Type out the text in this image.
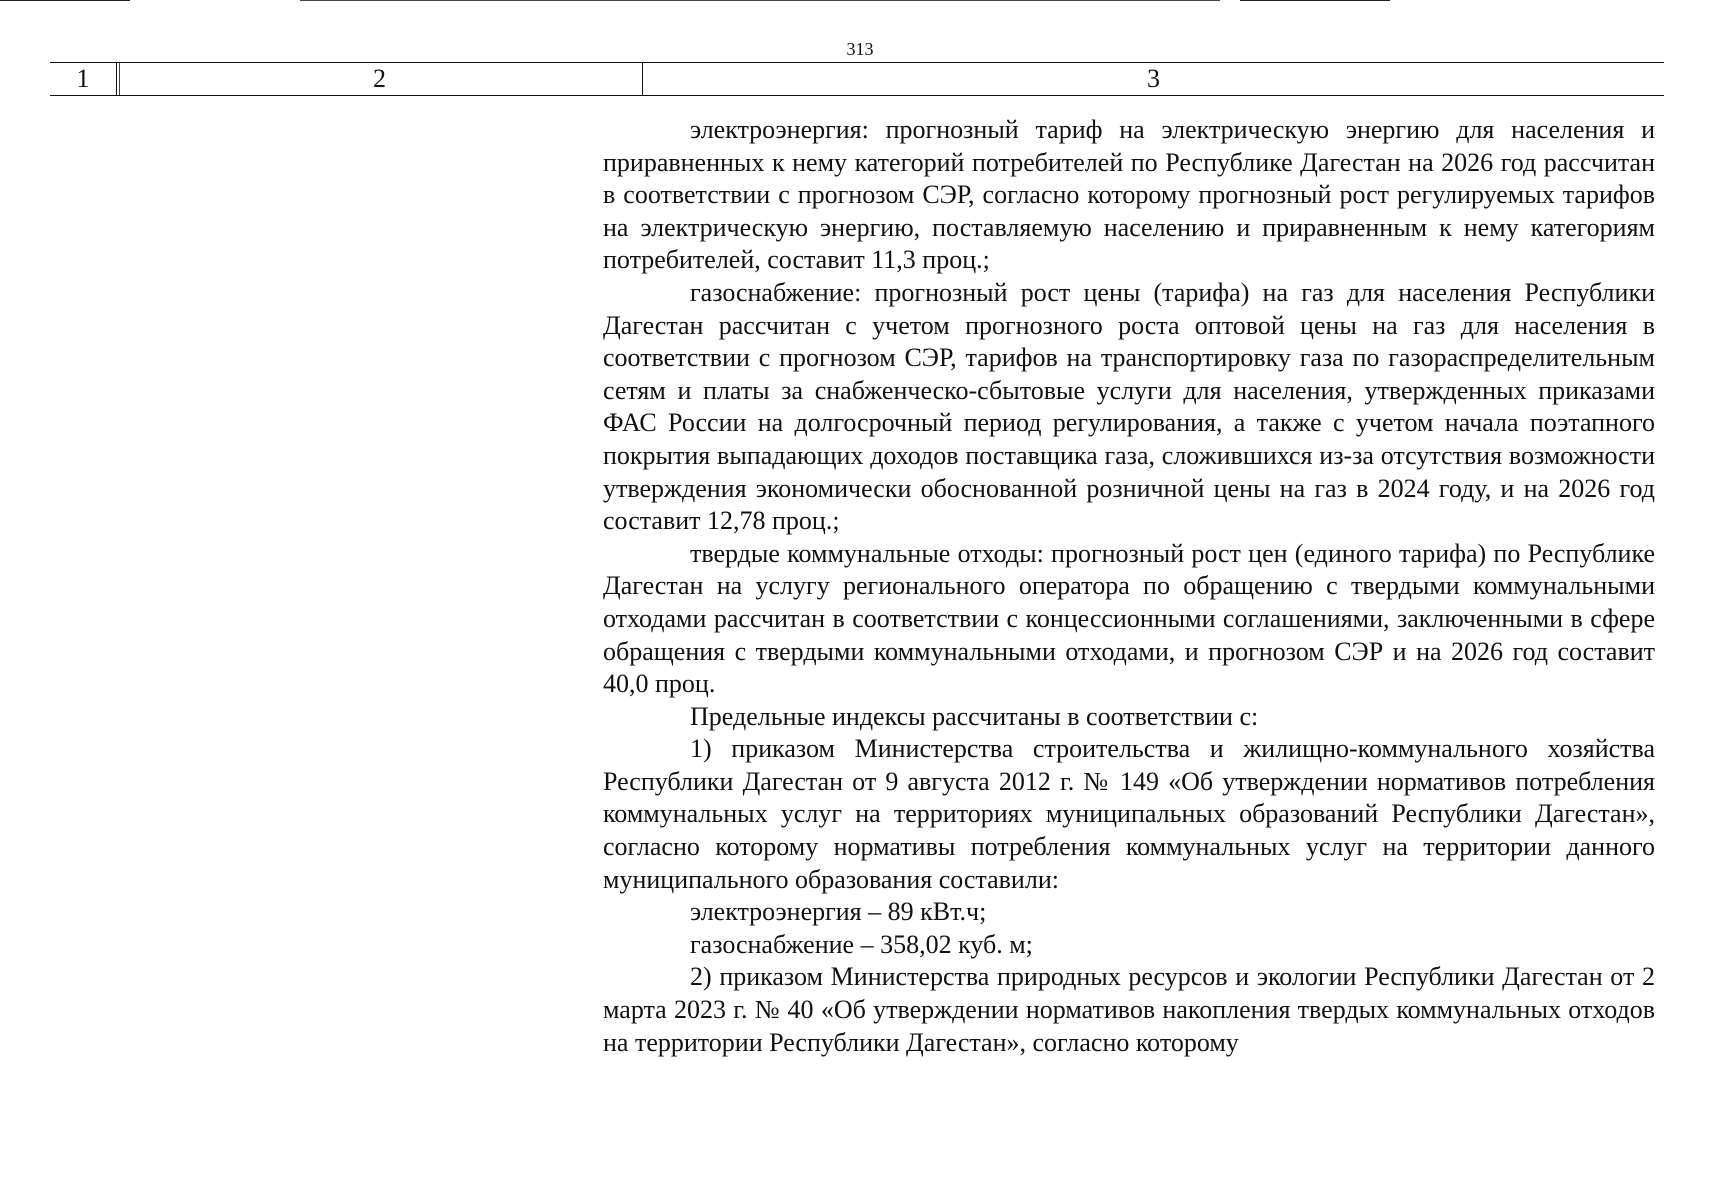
313
1	2	3

электроэнергия: прогнозный тариф на электрическую энергию для населения и приравненных к нему категорий потребителей по Республике Дагестан на 2026 год рассчитан в соответствии с прогнозом СЭР, согласно которому прогнозный рост регулируемых тарифов на электрическую энергию, поставляемую населению и приравненным к нему категориям потребителей, составит 11,3 проц.;

газоснабжение: прогнозный рост цены (тарифа) на газ для населения Республики Дагестан рассчитан с учетом прогнозного роста оптовой цены на газ для населения в соответствии с прогнозом СЭР, тарифов на транспортировку газа по газораспределительным сетям и платы за снабженческо-сбытовые услуги для населения, утвержденных приказами ФАС России на долгосрочный период регулирования, а также с учетом начала поэтапного покрытия выпадающих доходов поставщика газа, сложившихся из-за отсутствия возможности утверждения экономически обоснованной розничной цены на газ в 2024 году, и на 2026 год составит 12,78 проц.;

твердые коммунальные отходы: прогнозный рост цен (единого тарифа) по Республике Дагестан на услугу регионального оператора по обращению с твердыми коммунальными отходами рассчитан в соответствии с концессионными соглашениями, заключенными в сфере обращения с твердыми коммунальными отходами, и прогнозом СЭР и на 2026 год составит 40,0 проц.

Предельные индексы рассчитаны в соответствии с:

1) приказом Министерства строительства и жилищно-коммунального хозяйства Республики Дагестан от 9 августа 2012 г. № 149 «Об утверждении нормативов потребления коммунальных услуг на территориях муниципальных образований Республики Дагестан», согласно которому нормативы потребления коммунальных услуг на территории данного муниципального образования составили:

электроэнергия – 89 кВт.ч;

газоснабжение – 358,02 куб. м;

2) приказом Министерства природных ресурсов и экологии Республики Дагестан от 2 марта 2023 г. № 40 «Об утверждении нормативов накопления твердых коммунальных отходов на территории Республики Дагестан», согласно которому
